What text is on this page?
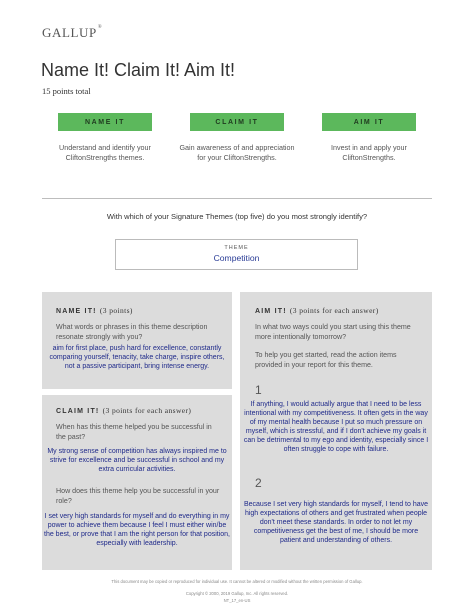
GALLUP®
Name It! Claim It! Aim It!
15 points total
NAME IT	CLAIM IT	AIM IT
Understand and identify your CliftonStrengths themes.
Gain awareness of and appreciation for your CliftonStrengths.
Invest in and apply your CliftonStrengths.
With which of your Signature Themes (top five) do you most strongly identify?
THEME
Competition
NAME IT! (3 points)
What words or phrases in this theme description resonate strongly with you?
aim for first place, push hard for excellence, constantly comparing yourself, tenacity, take charge, inspire others, not a passive participant, bring intense energy.
CLAIM IT! (3 points for each answer)
When has this theme helped you be successful in the past?
My strong sense of competition has always inspired me to strive for excellence and be successful in school and my extra curricular activities.
How does this theme help you be successful in your role?
I set very high standards for myself and do everything in my power to achieve them because I feel I must either win/be the best, or prove that I am the right person for that position, especially with leadership.
AIM IT! (3 points for each answer)
In what two ways could you start using this theme more intentionally tomorrow?
To help you get started, read the action items provided in your report for this theme.
1
If anything, I would actually argue that I need to be less intentional with my competitiveness. It often gets in the way of my mental health because I put so much pressure on myself, which is stressful, and if I don't achieve my goals it can be detrimental to my ego and identity, especially since I often struggle to cope with failure.
2
Because I set very high standards for myself, I tend to have high expectations of others and get frustrated when people don't meet these standards. In order to not let my competitiveness get the best of me, I should be more patient and understanding of others.
This document may be copied or reproduced for individual use. It cannot be altered or modified without the written permission of Gallup.
Copyright © 2000, 2019 Gallup, Inc. All rights reserved.
NT_17_en-US
